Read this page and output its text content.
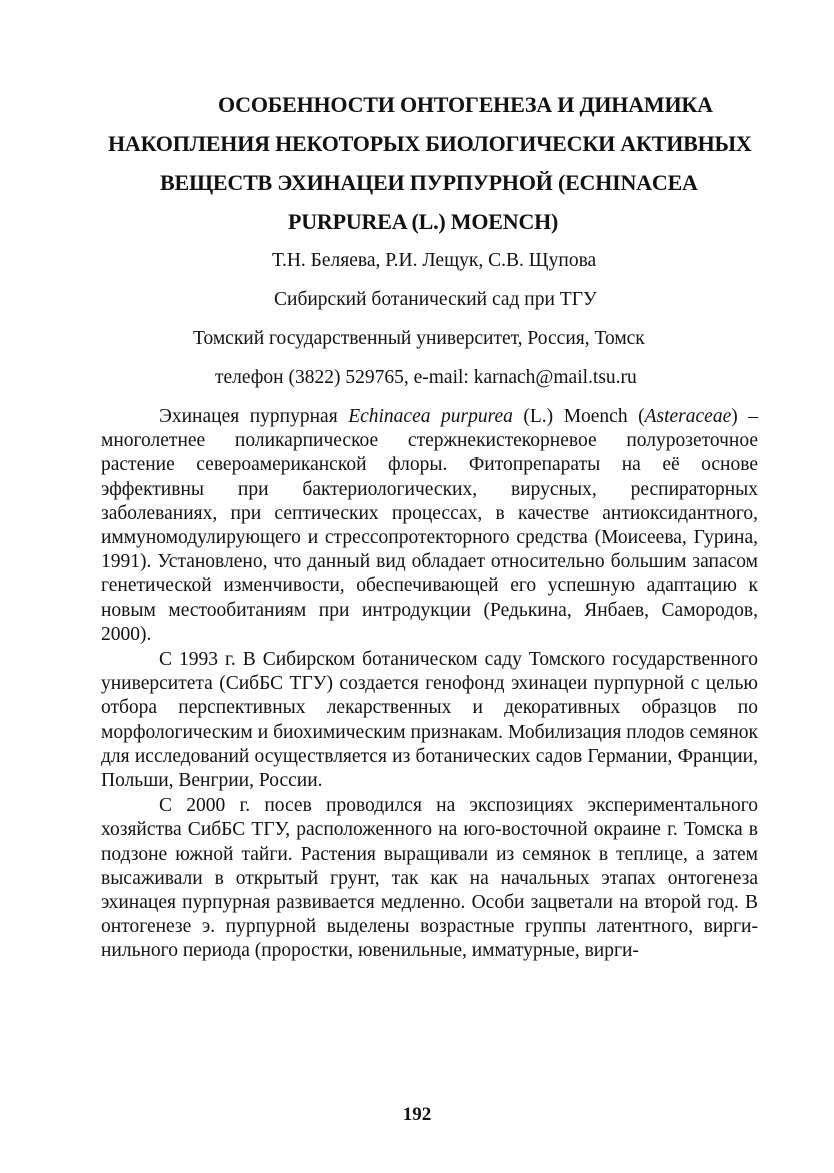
ОСОБЕННОСТИ ОНТОГЕНЕЗА И ДИНАМИКА
НАКОПЛЕНИЯ НЕКОТОРЫХ БИОЛОГИЧЕСКИ АКТИВНЫХ
ВЕЩЕСТВ ЭХИНАЦЕИ ПУРПУРНОЙ (ECHINACEA
PURPUREA (L.) MOENCH)
Т.Н. Беляева, Р.И. Лещук, С.В. Щупова
Сибирский ботанический сад при ТГУ
Томский государственный университет, Россия, Томск
телефон (3822) 529765, e-mail: karnach@mail.tsu.ru

Эхинацея пурпурная Echinacea purpurea (L.) Moench (Asteraceae) – многолетнее поликарпическое стержнекистекорневое полурозеточное растение североамериканской флоры. Фитопрепараты на её основе эффективны при бактериологических, вирусных, респираторных заболеваниях, при септических процессах, в качестве антиоксидантного, иммуномодулирующего и стрессопротекторного средства (Моисеева, Гурина, 1991). Установлено, что данный вид обладает относительно большим запасом генетической изменчивости, обеспечивающей его успешную адаптацию к новым местообитаниям при интродукции (Редькина, Янбаев, Самородов, 2000).

С 1993 г. В Сибирском ботаническом саду Томского государственного университета (СибБС ТГУ) создается генофонд эхинацеи пурпурной с целью отбора перспективных лекарственных и декоративных образцов по морфологическим и биохимическим признакам. Мобилизация плодов семянок для исследований осуществляется из ботанических садов Германии, Франции, Польши, Венгрии, России.

С 2000 г. посев проводился на экспозициях экспериментального хозяйства СибБС ТГУ, расположенного на юго-восточной окраине г. Томска в подзоне южной тайги. Растения выращивали из семянок в теплице, а затем высаживали в открытый грунт, так как на начальных этапах онтогенеза эхинацея пурпурная развивается медленно. Особи зацветали на второй год. В онтогенезе э. пурпурной выделены возрастные группы латентного, виргинильного периода (проростки, ювенильные, имматурные, вирги-

192
